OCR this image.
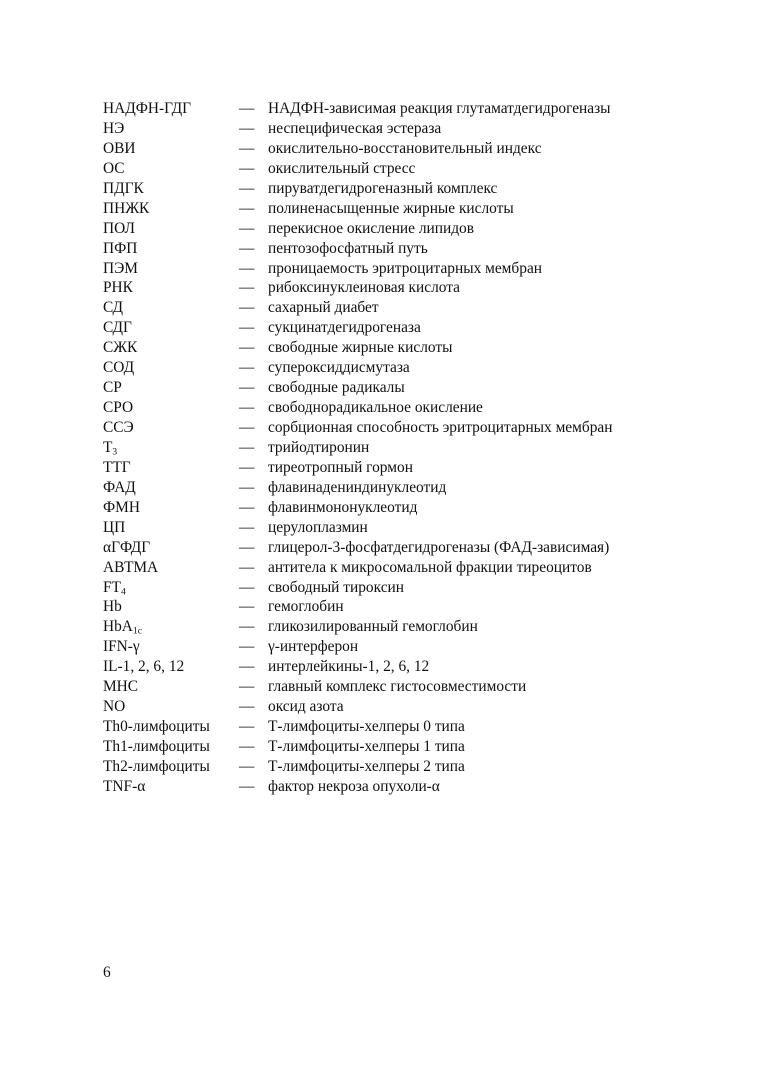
НАДФН-ГДГ	— НАДФН-зависимая реакция глутаматдегидрогеназы
НЭ	— неспецифическая эстераза
ОВИ	— окислительно-восстановительный индекс
ОС	— окислительный стресс
ПДГК	— пируватдегидрогеназный комплекс
ПНЖК	— полиненасыщенные жирные кислоты
ПОЛ	— перекисное окисление липидов
ПФП	— пентозофосфатный путь
ПЭМ	— проницаемость эритроцитарных мембран
РНК	— рибоксинуклеиновая кислота
СД	— сахарный диабет
СДГ	— сукцинатдегидрогеназа
СЖК	— свободные жирные кислоты
СОД	— супероксиддисмутаза
СР	— свободные радикалы
СРО	— свободнорадикальное окисление
ССЭ	— сорбционная способность эритроцитарных мембран
$T_3$	— трийодтиронин
ТТГ	— тиреотропный гормон
ФАД	— флавинадениндинуклеотид
ФМН	— флавинмононуклеотид
ЦП	— церулоплазмин
αГФДГ	— глицерол-3-фосфатдегидрогеназы (ФАД-зависимая)
АВТМА	— антитела к микросомальной фракции тиреоцитов
$FT_4$	— свободный тироксин
Hb	— гемоглобин
HbA$_{1c}$	— гликозилированный гемоглобин
IFN-γ	— γ-интерферон
IL-1, 2, 6, 12	— интерлейкины-1, 2, 6, 12
MHC	— главный комплекс гистосовместимости
NO	— оксид азота
Th0-лимфоциты	— Т-лимфоциты-хелперы 0 типа
Th1-лимфоциты	— Т-лимфоциты-хелперы 1 типа
Th2-лимфоциты	— Т-лимфоциты-хелперы 2 типа
TNF-α	— фактор некроза опухоли-α
6
